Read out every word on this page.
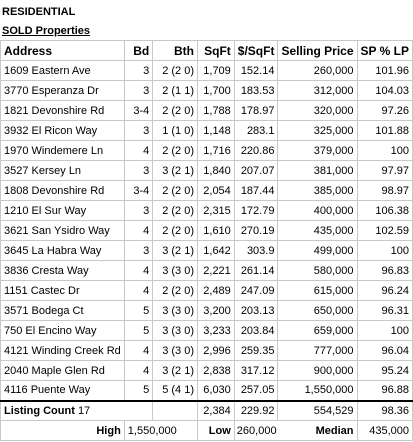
RESIDENTIAL
SOLD Properties
Address	Bd	Bth	SqFt	$/SqFt	Selling Price	SP % LP
1609 Eastern Ave	3	2 (2 0)	1,709	152.14	260,000	101.96
3770 Esperanza Dr	3	2 (1 1)	1,700	183.53	312,000	104.03
1821 Devonshire Rd	3-4	2 (2 0)	1,788	178.97	320,000	97.26
3932 El Ricon Way	3	1 (1 0)	1,148	283.1	325,000	101.88
1970 Windemere Ln	4	2 (2 0)	1,716	220.86	379,000	100
3527 Kersey Ln	3	3 (2 1)	1,840	207.07	381,000	97.97
1808 Devonshire Rd	3-4	2 (2 0)	2,054	187.44	385,000	98.97
1210 El Sur Way	3	2 (2 0)	2,315	172.79	400,000	106.38
3621 San Ysidro Way	4	2 (2 0)	1,610	270.19	435,000	102.59
3645 La Habra Way	3	3 (2 1)	1,642	303.9	499,000	100
3836 Cresta Way	4	3 (3 0)	2,221	261.14	580,000	96.83
1151 Castec Dr	4	2 (2 0)	2,489	247.09	615,000	96.24
3571 Bodega Ct	5	3 (3 0)	3,200	203.13	650,000	96.31
750 El Encino Way	5	3 (3 0)	3,233	203.84	659,000	100
4121 Winding Creek Rd	4	3 (3 0)	2,996	259.35	777,000	96.04
2040 Maple Glen Rd	4	3 (2 1)	2,838	317.12	900,000	95.24
4116 Puente Way	5	5 (4 1)	6,030	257.05	1,550,000	96.88
Listing Count 17			2,384	229.92	554,529	98.36
High	1,550,000		Low	260,000 Median		435,000
